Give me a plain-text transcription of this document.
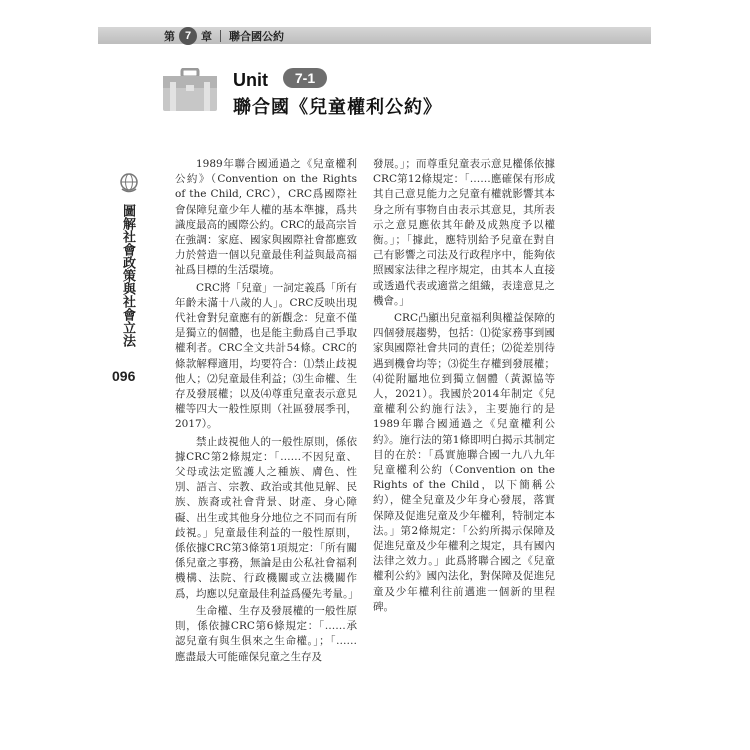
第 7 章 聯合國公約
Unit	7-1
聯合國《兒童權利公約》
圖解社會政策與社會立法
096

1989年聯合國通過之《兒童權利公約》（Convention on the Rights of the Child, CRC），CRC爲國際社會保障兒童少年人權的基本準據，爲共識度最高的國際公約。CRC的最高宗旨在強調：家庭、國家與國際社會都應致力於營造一個以兒童最佳利益與最高福祉爲目標的生活環境。

CRC將「兒童」一詞定義爲「所有年齡未滿十八歲的人」。CRC反映出現代社會對兒童應有的新觀念：兒童不僅是獨立的個體，也是能主動爲自己爭取權利者。CRC全文共計54條。CRC的條款解釋適用，均要符合：⑴禁止歧視他人；⑵兒童最佳利益；⑶生命權、生存及發展權；以及⑷尊重兒童表示意見權等四大一般性原則（社區發展季刊，2017）。

禁止歧視他人的一般性原則，係依據CRC第2條規定：「……不因兒童、父母或法定監護人之種族、膚色、性別、語言、宗教、政治或其他見解、民族、族裔或社會背景、財產、身心障礙、出生或其他身分地位之不同而有所歧視。」兒童最佳利益的一般性原則，係依據CRC第3條第1項規定：「所有關係兒童之事務，無論是由公私社會福利機構、法院、行政機關或立法機關作爲，均應以兒童最佳利益爲優先考量。」

生命權、生存及發展權的一般性原則，係依據CRC第6條規定：「……承認兒童有與生俱來之生命權。」；「……應盡最大可能確保兒童之生存及

發展。」；而尊重兒童表示意見權係依據CRC第12條規定：「……應確保有形成其自己意見能力之兒童有權就影響其本身之所有事物自由表示其意見，其所表示之意見應依其年齡及成熟度予以權衡。」；「據此，應特別給予兒童在對自己有影響之司法及行政程序中，能夠依照國家法律之程序規定，由其本人直接或透過代表或適當之組織，表達意見之機會。」

CRC凸顯出兒童福利與權益保障的四個發展趨勢，包括：⑴從家務事到國家與國際社會共同的責任；⑵從差別待遇到機會均等；⑶從生存權到發展權；⑷從附屬地位到獨立個體（黃源協等人，2021）。我國於2014年制定《兒童權利公約施行法》，主要施行的是1989年聯合國通過之《兒童權利公約》。施行法的第1條即明白揭示其制定目的在於：「爲實施聯合國一九八九年兒童權利公約（Convention on the Rights of the Child，以下簡稱公約），健全兒童及少年身心發展，落實保障及促進兒童及少年權利，特制定本法。」第2條規定：「公約所揭示保障及促進兒童及少年權利之規定，具有國內法律之效力。」此爲將聯合國之《兒童權利公約》國內法化，對保障及促進兒童及少年權利往前邁進一個新的里程碑。
